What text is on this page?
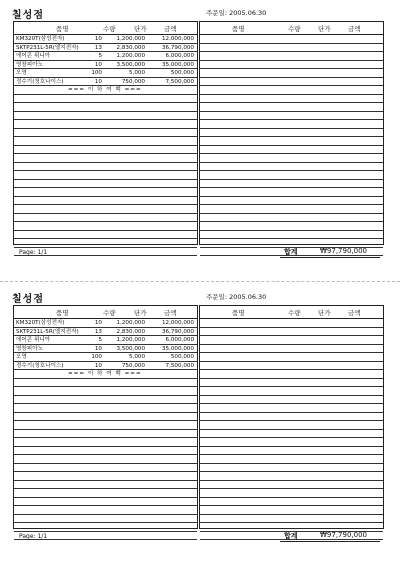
칠성점	주문일: 2005.06.30
품명	수량	단가	금액
KM320T(삼성전자)	10	1,200,000	12,000,000
SKTP231L-5R(엘지전자)	13	2,830,000	36,790,000
에어콘 위니아	5	1,200,000	6,000,000
영창피아노	10	3,500,000	35,000,000
오영	100	5,000	500,000
정수기(청호나이스)	10	750,000	7,500,000
=== 이 하 여 백 ===
품명	수량	단가	금액
Page: 1/1	합계	₩97,790,000
칠성점	주문일: 2005.06.30
품명	수량	단가	금액
KM320T(삼성전자)	10	1,200,000	12,000,000
SKTP231L-5R(엘지전자)	13	2,830,000	36,790,000
에어콘 위니아	5	1,200,000	6,000,000
영창피아노	10	3,500,000	35,000,000
오영	100	5,000	500,000
정수기(청호나이스)	10	750,000	7,500,000
=== 이 하 여 백 ===
품명	수량	단가	금액
Page: 1/1	합계	₩97,790,000
